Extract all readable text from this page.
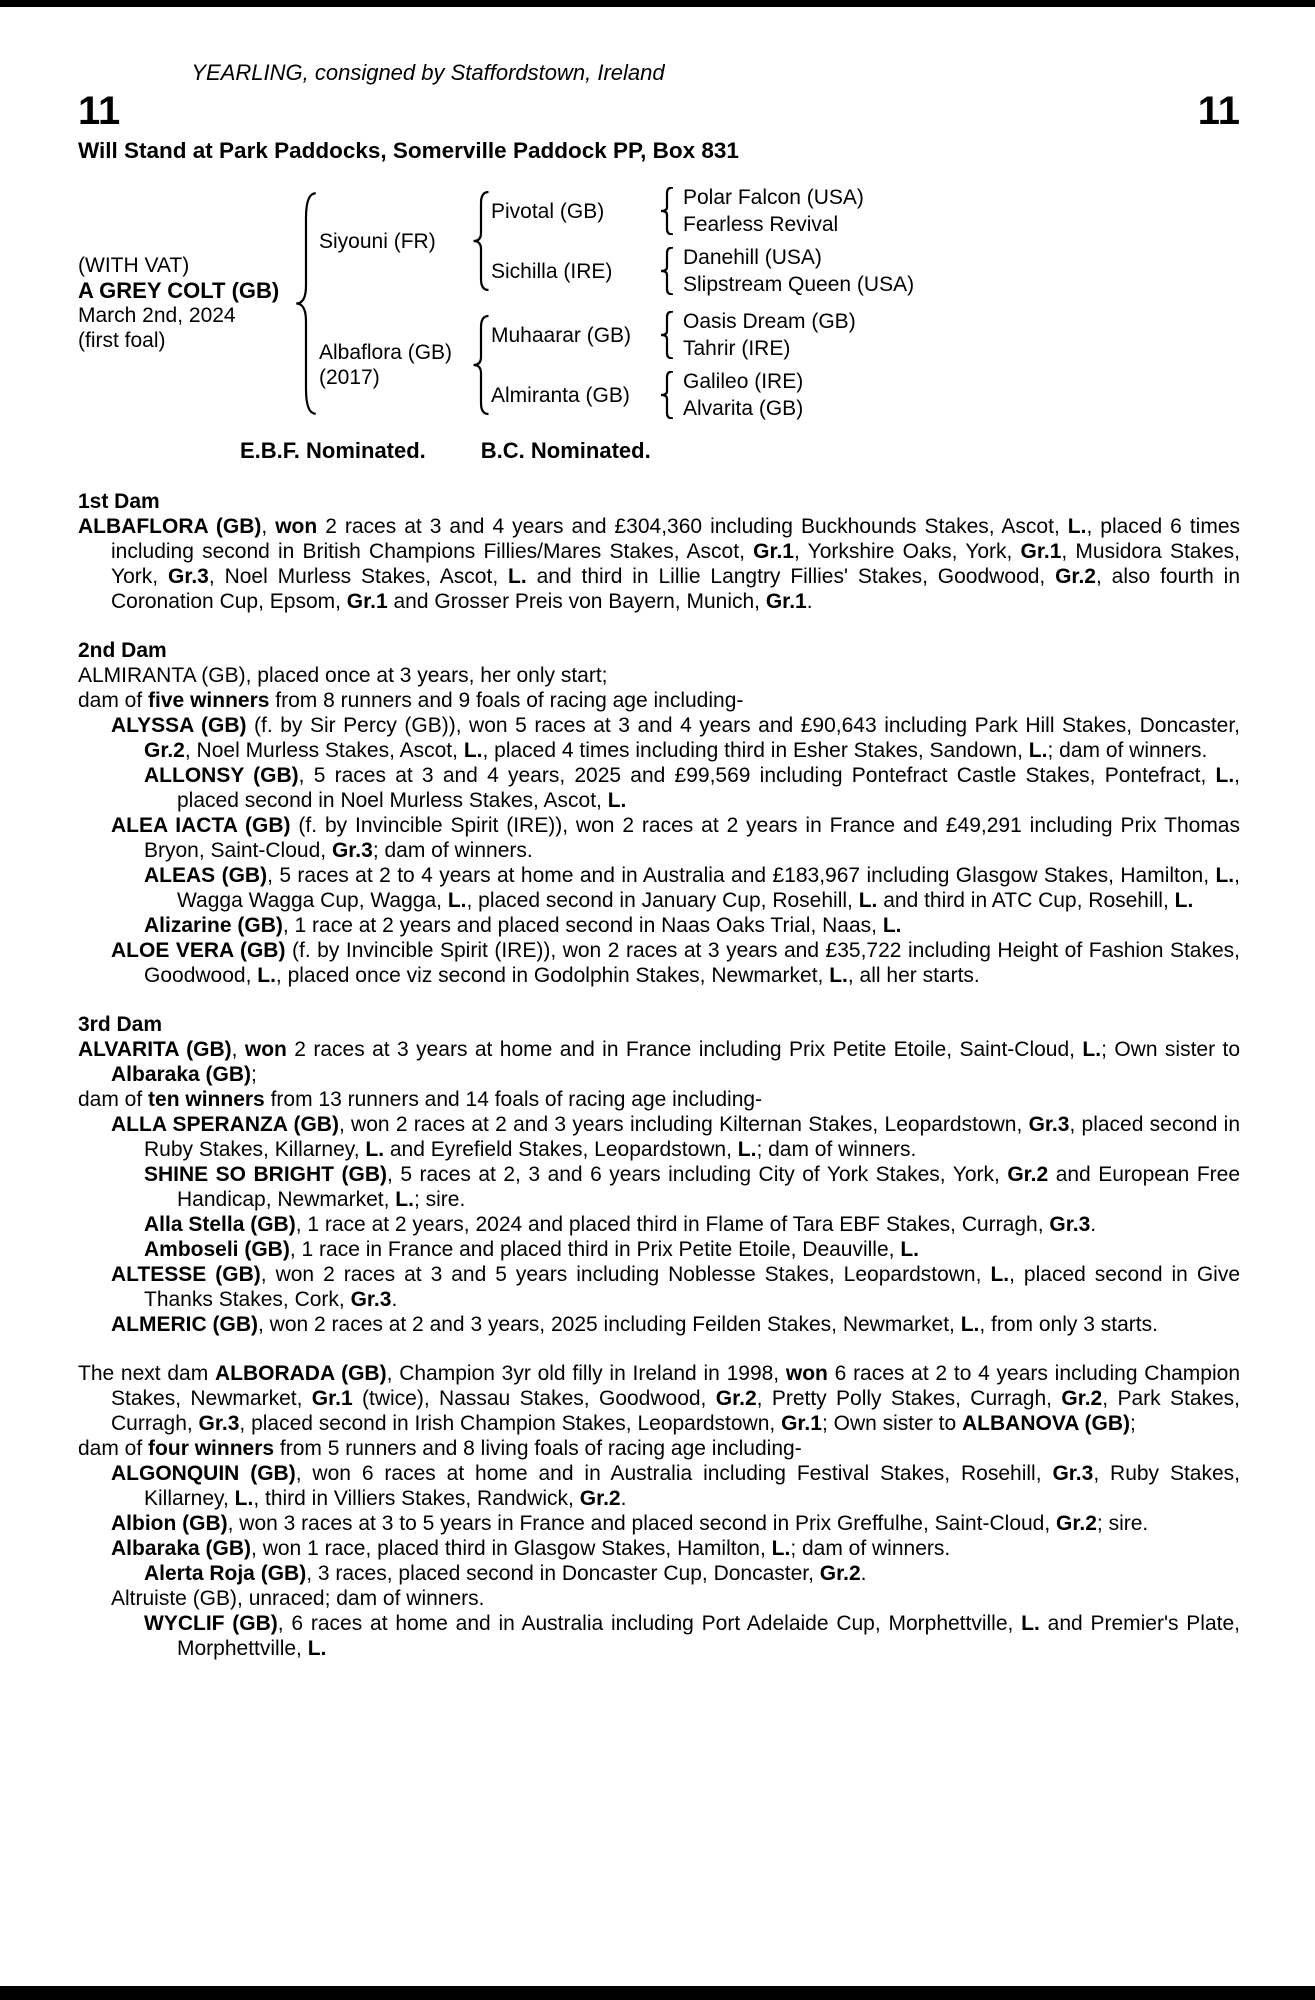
YEARLING, consigned by Staffordstown, Ireland
11	11
Will Stand at Park Paddocks, Somerville Paddock PP, Box 831
(WITH VAT)
A GREY COLT (GB)
March 2nd, 2024
(first foal)
Siyouni (FR)
Pivotal (GB)
Polar Falcon (USA)
Fearless Revival
Sichilla (IRE)
Danehill (USA)
Slipstream Queen (USA)
Albaflora (GB)
(2017)
Muhaarar (GB)
Oasis Dream (GB)
Tahrir (IRE)
Almiranta (GB)
Galileo (IRE)
Alvarita (GB)
E.B.F. Nominated.	B.C. Nominated.
1st Dam
ALBAFLORA (GB), won 2 races at 3 and 4 years and £304,360 including Buckhounds Stakes, Ascot, L., placed 6 times including second in British Champions Fillies/Mares Stakes, Ascot, Gr.1, Yorkshire Oaks, York, Gr.1, Musidora Stakes, York, Gr.3, Noel Murless Stakes, Ascot, L. and third in Lillie Langtry Fillies' Stakes, Goodwood, Gr.2, also fourth in Coronation Cup, Epsom, Gr.1 and Grosser Preis von Bayern, Munich, Gr.1.
2nd Dam
ALMIRANTA (GB), placed once at 3 years, her only start;
dam of five winners from 8 runners and 9 foals of racing age including-
ALYSSA (GB) (f. by Sir Percy (GB)), won 5 races at 3 and 4 years and £90,643 including Park Hill Stakes, Doncaster, Gr.2, Noel Murless Stakes, Ascot, L., placed 4 times including third in Esher Stakes, Sandown, L.; dam of winners.
ALLONSY (GB), 5 races at 3 and 4 years, 2025 and £99,569 including Pontefract Castle Stakes, Pontefract, L., placed second in Noel Murless Stakes, Ascot, L.
ALEA IACTA (GB) (f. by Invincible Spirit (IRE)), won 2 races at 2 years in France and £49,291 including Prix Thomas Bryon, Saint-Cloud, Gr.3; dam of winners.
ALEAS (GB), 5 races at 2 to 4 years at home and in Australia and £183,967 including Glasgow Stakes, Hamilton, L., Wagga Wagga Cup, Wagga, L., placed second in January Cup, Rosehill, L. and third in ATC Cup, Rosehill, L.
Alizarine (GB), 1 race at 2 years and placed second in Naas Oaks Trial, Naas, L.
ALOE VERA (GB) (f. by Invincible Spirit (IRE)), won 2 races at 3 years and £35,722 including Height of Fashion Stakes, Goodwood, L., placed once viz second in Godolphin Stakes, Newmarket, L., all her starts.
3rd Dam
ALVARITA (GB), won 2 races at 3 years at home and in France including Prix Petite Etoile, Saint-Cloud, L.; Own sister to Albaraka (GB);
dam of ten winners from 13 runners and 14 foals of racing age including-
ALLA SPERANZA (GB), won 2 races at 2 and 3 years including Kilternan Stakes, Leopardstown, Gr.3, placed second in Ruby Stakes, Killarney, L. and Eyrefield Stakes, Leopardstown, L.; dam of winners.
SHINE SO BRIGHT (GB), 5 races at 2, 3 and 6 years including City of York Stakes, York, Gr.2 and European Free Handicap, Newmarket, L.; sire.
Alla Stella (GB), 1 race at 2 years, 2024 and placed third in Flame of Tara EBF Stakes, Curragh, Gr.3.
Amboseli (GB), 1 race in France and placed third in Prix Petite Etoile, Deauville, L.
ALTESSE (GB), won 2 races at 3 and 5 years including Noblesse Stakes, Leopardstown, L., placed second in Give Thanks Stakes, Cork, Gr.3.
ALMERIC (GB), won 2 races at 2 and 3 years, 2025 including Feilden Stakes, Newmarket, L., from only 3 starts.
The next dam ALBORADA (GB), Champion 3yr old filly in Ireland in 1998, won 6 races at 2 to 4 years including Champion Stakes, Newmarket, Gr.1 (twice), Nassau Stakes, Goodwood, Gr.2, Pretty Polly Stakes, Curragh, Gr.2, Park Stakes, Curragh, Gr.3, placed second in Irish Champion Stakes, Leopardstown, Gr.1; Own sister to ALBANOVA (GB);
dam of four winners from 5 runners and 8 living foals of racing age including-
ALGONQUIN (GB), won 6 races at home and in Australia including Festival Stakes, Rosehill, Gr.3, Ruby Stakes, Killarney, L., third in Villiers Stakes, Randwick, Gr.2.
Albion (GB), won 3 races at 3 to 5 years in France and placed second in Prix Greffulhe, Saint-Cloud, Gr.2; sire.
Albaraka (GB), won 1 race, placed third in Glasgow Stakes, Hamilton, L.; dam of winners.
Alerta Roja (GB), 3 races, placed second in Doncaster Cup, Doncaster, Gr.2.
Altruiste (GB), unraced; dam of winners.
WYCLIF (GB), 6 races at home and in Australia including Port Adelaide Cup, Morphettville, L. and Premier's Plate, Morphettville, L.
